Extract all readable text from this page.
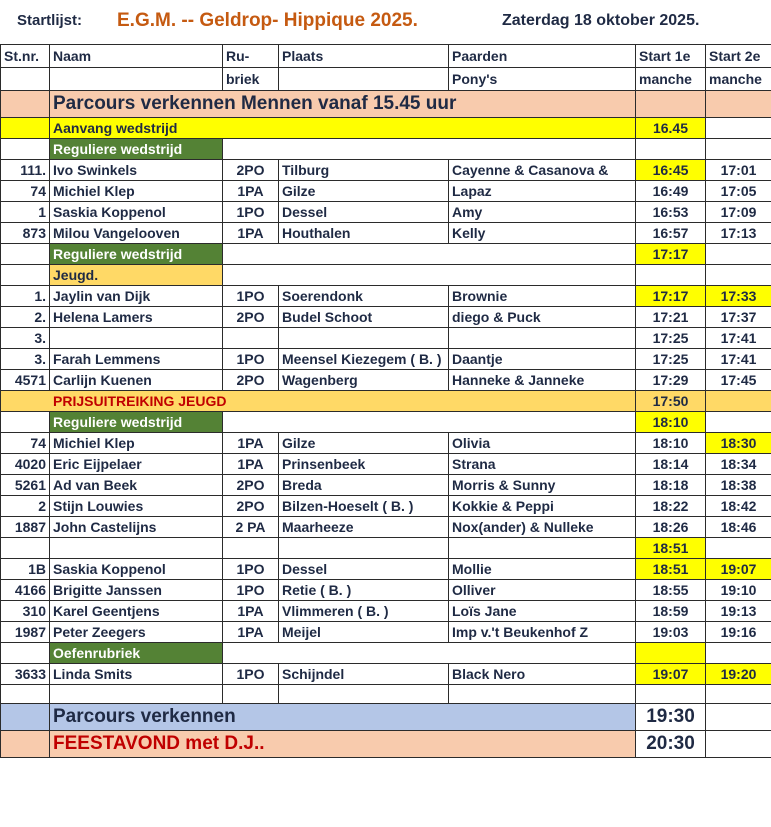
Startlijst: E.G.M. -- Geldrop- Hippique 2025.	Zaterdag 18 oktober 2025.
St.nr.	Naam	Ru-	Plaats	Paarden	Start 1e	Start 2e
		briek		Pony's	manche	manche
	Parcours verkennen Mennen vanaf 15.45 uur					
	Aanvang wedstrijd				16.45	
	Reguliere wedstrijd					
111.	Ivo Swinkels	2PO	Tilburg	Cayenne & Casanova &	16:45	17:01
74	Michiel Klep	1PA	Gilze	Lapaz	16:49	17:05
1	Saskia Koppenol	1PO	Dessel	Amy	16:53	17:09
873	Milou Vangelooven	1PA	Houthalen	Kelly	16:57	17:13
	Reguliere wedstrijd				17:17	
	Jeugd.					
1.	Jaylin van Dijk	1PO	Soerendonk	Brownie	17:17	17:33
2.	Helena Lamers	2PO	Budel Schoot	diego & Puck	17:21	17:37
3.					17:25	17:41
3.	Farah Lemmens	1PO	Meensel Kiezegem ( B. )	Daantje	17:25	17:41
4571	Carlijn Kuenen	2PO	Wagenberg	Hanneke & Janneke	17:29	17:45
PRIJSUITREIKING JEUGD					17:50	
	Reguliere wedstrijd				18:10	
74	Michiel Klep	1PA	Gilze	Olivia	18:10	18:30
4020	Eric Eijpelaer	1PA	Prinsenbeek	Strana	18:14	18:34
5261	Ad van Beek	2PO	Breda	Morris & Sunny	18:18	18:38
2	Stijn Louwies	2PO	Bilzen-Hoeselt ( B. )	Kokkie & Peppi	18:22	18:42
1887	John Castelijns	2 PA	Maarheeze	Nox(ander) & Nulleke	18:26	18:46
					18:51	
1B	Saskia Koppenol	1PO	Dessel	Mollie	18:51	19:07
4166	Brigitte Janssen	1PO	Retie ( B. )	Olliver	18:55	19:10
310	Karel Geentjens	1PA	Vlimmeren ( B. )	Loïs Jane	18:59	19:13
1987	Peter Zeegers	1PA	Meijel	Imp v.'t Beukenhof Z	19:03	19:16
	Oefenrubriek					
3633	Linda Smits	1PO	Schijndel	Black Nero	19:07	19:20

	Parcours verkennen				19:30	
	FEESTAVOND met D.J..				20:30	
